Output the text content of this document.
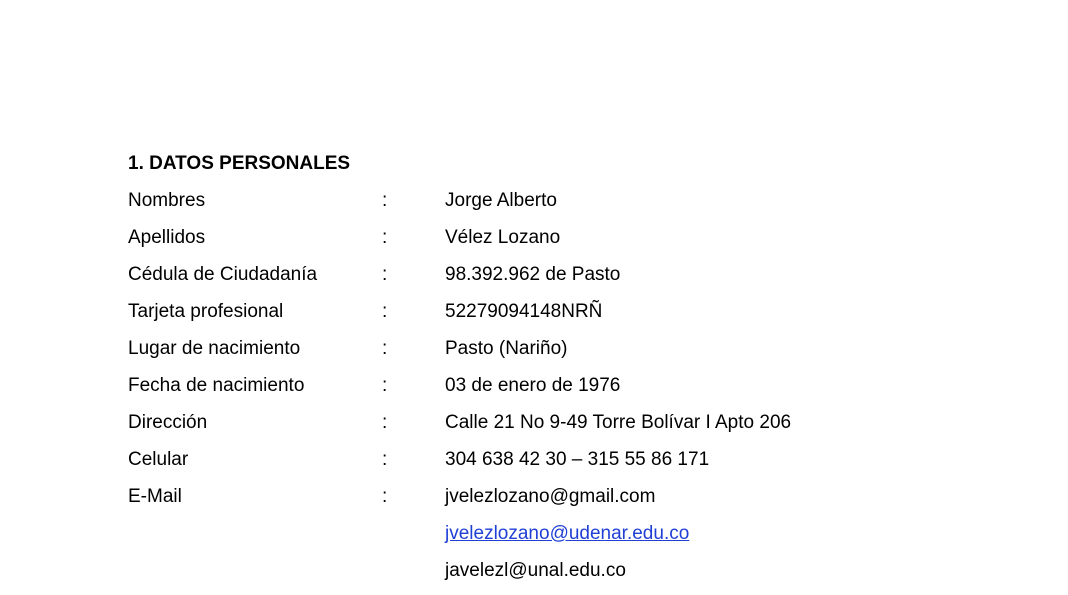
1. DATOS PERSONALES
Nombres	:	Jorge Alberto
Apellidos	:	Vélez Lozano
Cédula de Ciudadanía	:	98.392.962 de Pasto
Tarjeta profesional	:	52279094148NRÑ
Lugar de nacimiento	:	Pasto (Nariño)
Fecha de nacimiento	:	03 de enero de 1976
Dirección	:	Calle 21 No 9-49 Torre Bolívar I Apto 206
Celular	:	304 638 42 30 – 315 55 86 171
E-Mail	:	jvelezlozano@gmail.com
jvelezlozano@udenar.edu.co
javelezl@unal.edu.co
